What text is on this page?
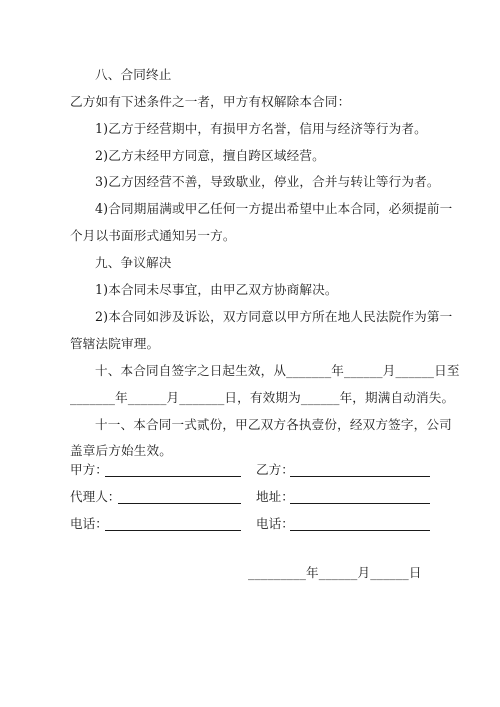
八、合同终止
乙方如有下述条件之一者，甲方有权解除本合同：
1)乙方于经营期中，有损甲方名誉，信用与经济等行为者。
2)乙方未经甲方同意，擅自跨区域经营。
3)乙方因经营不善，导致歇业，停业，合并与转让等行为者。
4)合同期届满或甲乙任何一方提出希望中止本合同，必须提前一
个月以书面形式通知另一方。
九、争议解决
1)本合同未尽事宜，由甲乙双方协商解决。
2)本合同如涉及诉讼，双方同意以甲方所在地人民法院作为第一
管辖法院审理。
十、本合同自签字之日起生效，从_______年______月______日至
_______年______月_______日，有效期为______年，期满自动消失。
十一、本合同一式贰份，甲乙双方各执壹份，经双方签字，公司
盖章后方始生效。
甲方：	乙方：
代理人：	地址：
电话：	电话：
_________年______月______日
